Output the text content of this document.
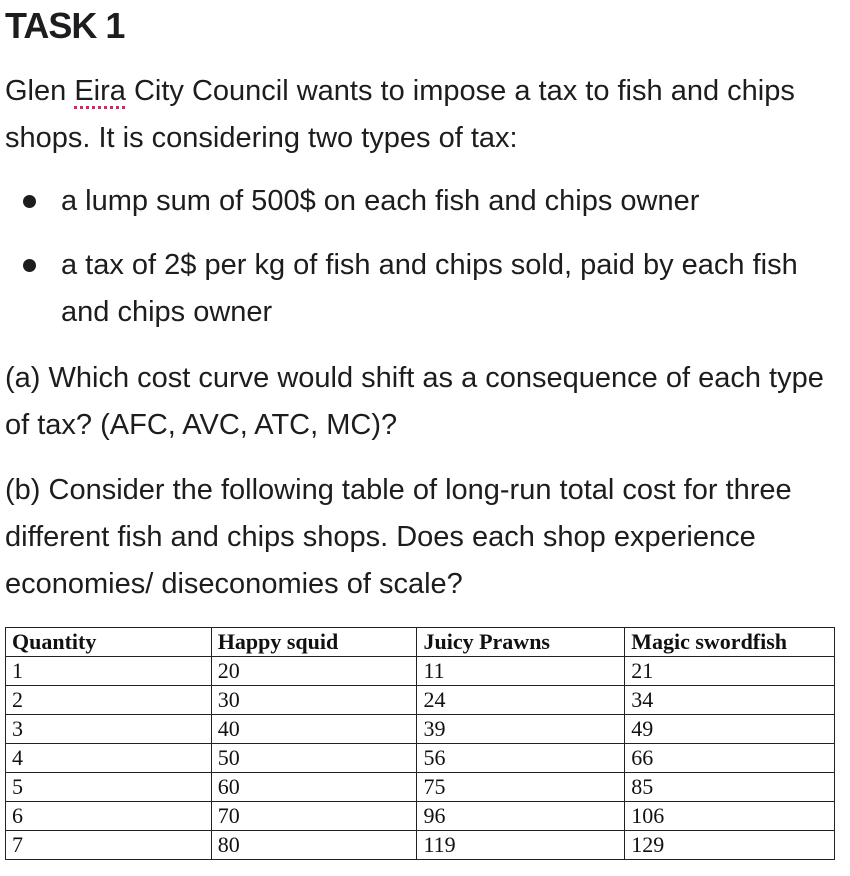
TASK 1
Glen Eira City Council wants to impose a tax to fish and chips shops. It is considering two types of tax:
a lump sum of 500$ on each fish and chips owner
a tax of 2$ per kg of fish and chips sold, paid by each fish and chips owner
(a) Which cost curve would shift as a consequence of each type of tax? (AFC, AVC, ATC, MC)?
(b) Consider the following table of long-run total cost for three different fish and chips shops. Does each shop experience economies/ diseconomies of scale?
Quantity	Happy squid	Juicy Prawns	Magic swordfish
1	20	11	21
2	30	24	34
3	40	39	49
4	50	56	66
5	60	75	85
6	70	96	106
7	80	119	129
